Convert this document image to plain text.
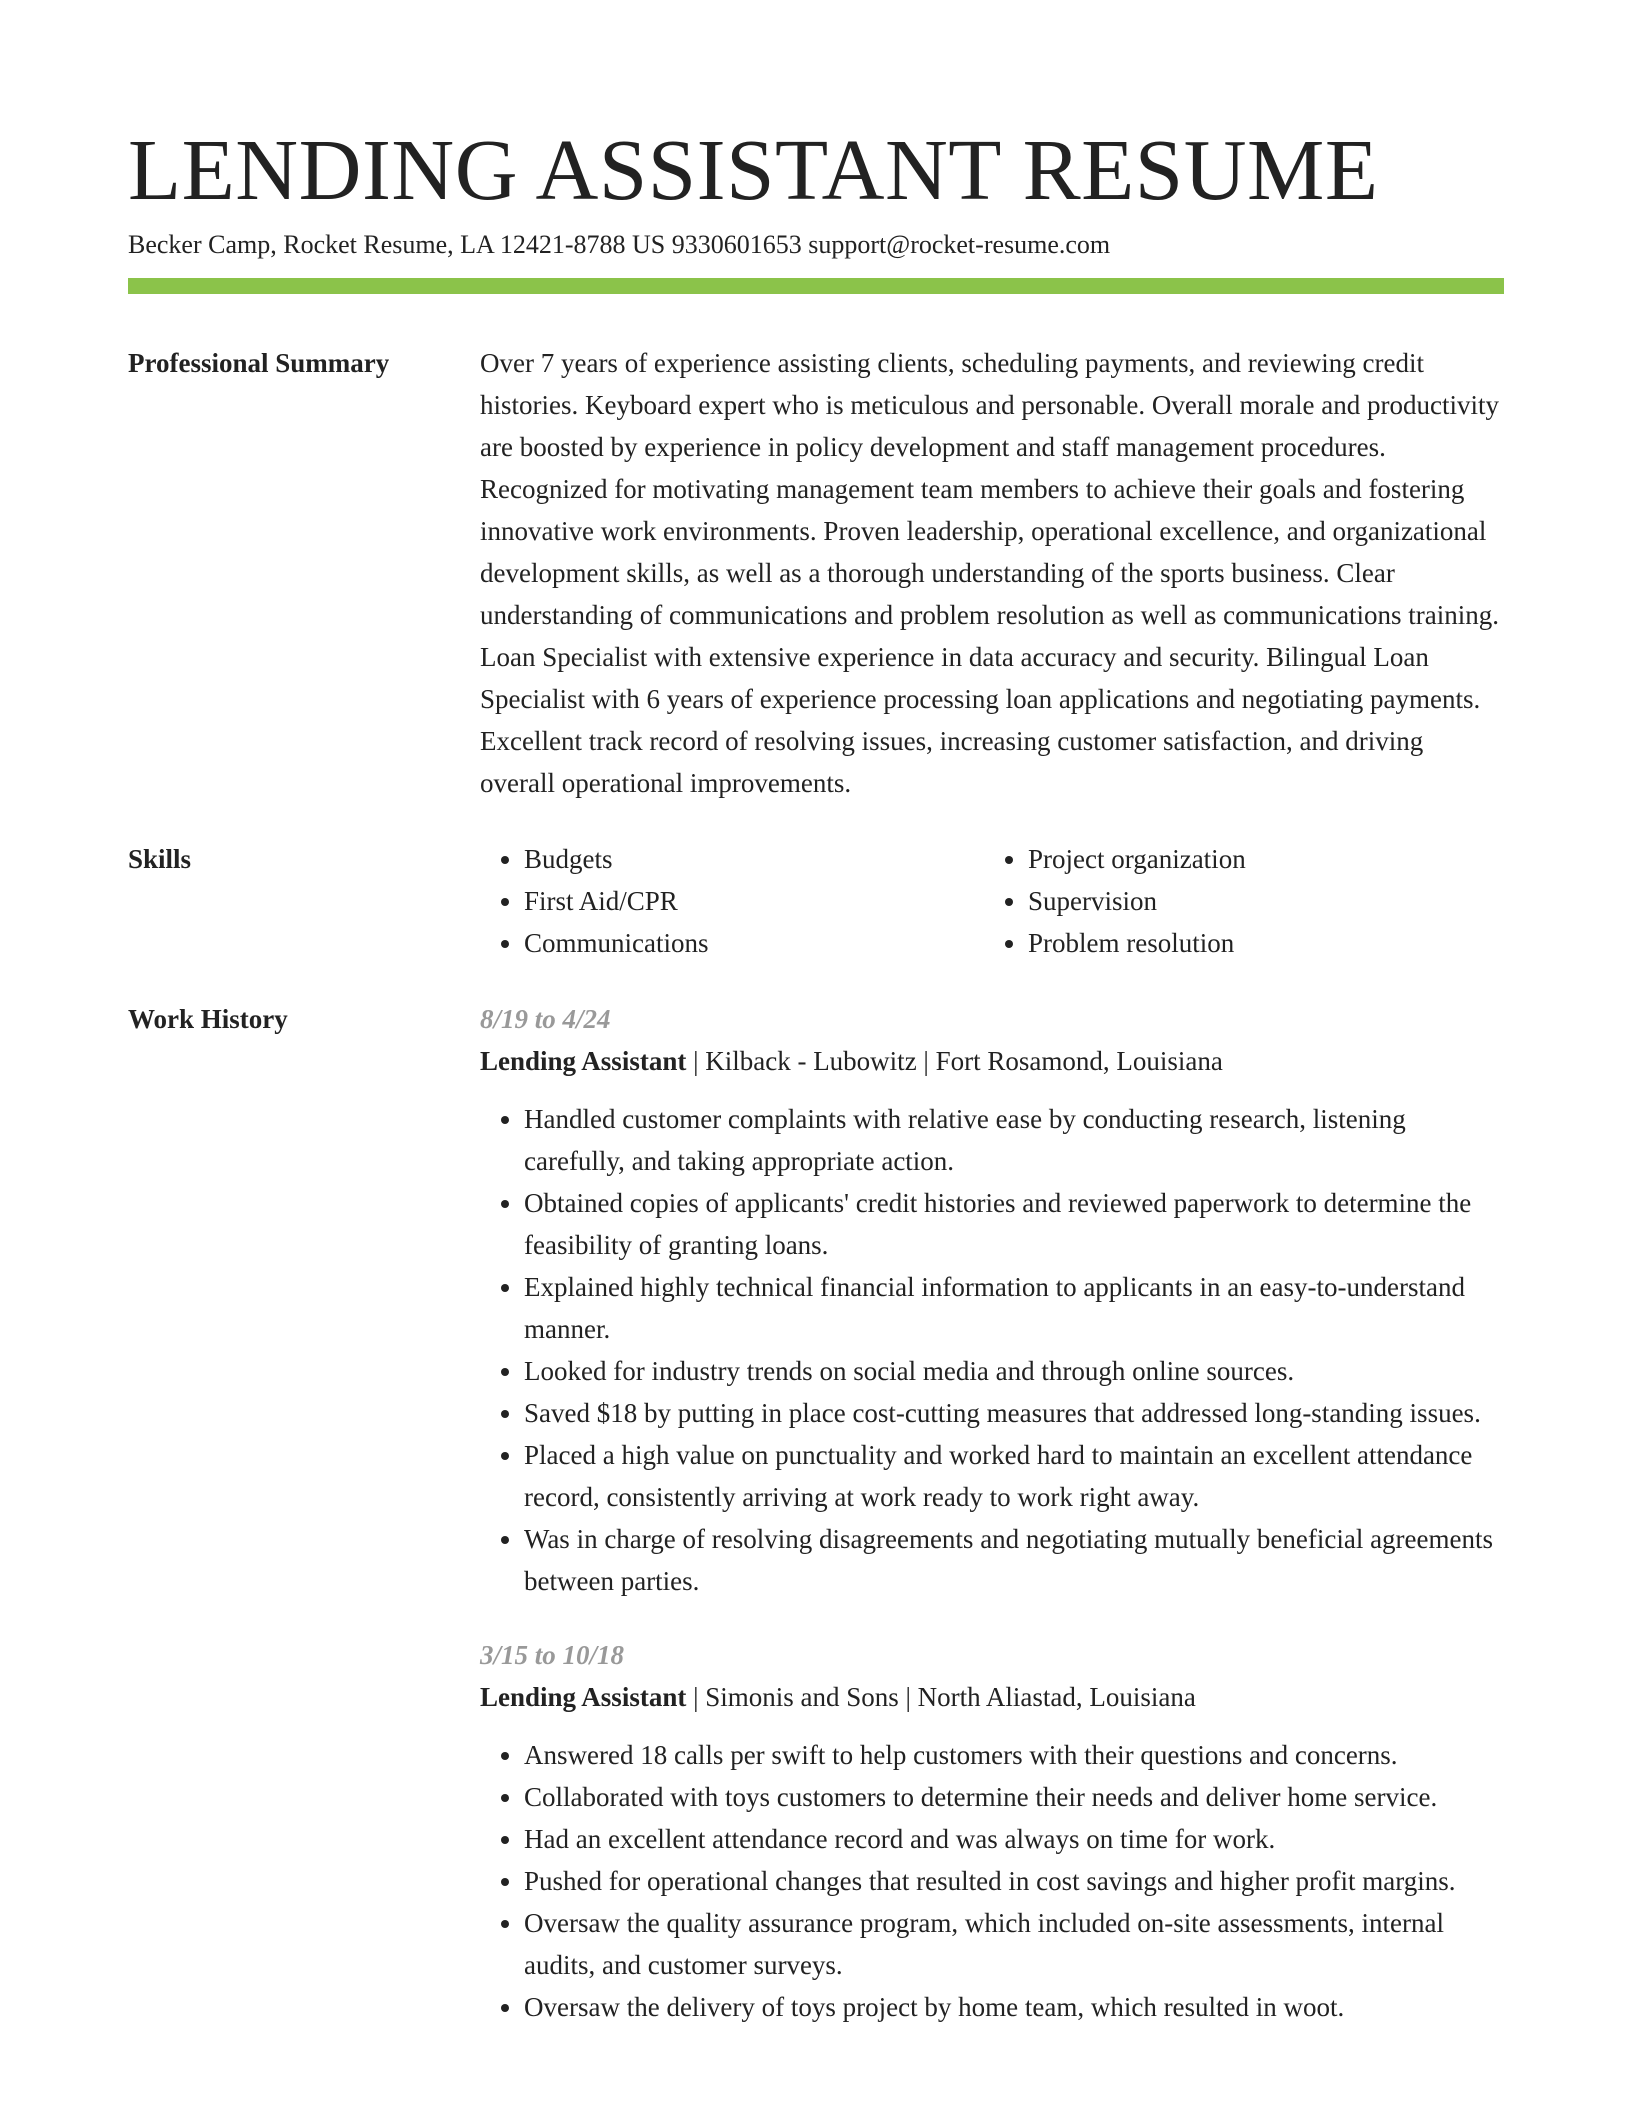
LENDING ASSISTANT RESUME
Becker Camp, Rocket Resume, LA 12421-8788 US 9330601653 support@rocket-resume.com
Professional Summary	Over 7 years of experience assisting clients, scheduling payments, and reviewing credit histories. Keyboard expert who is meticulous and personable. Overall morale and productivity are boosted by experience in policy development and staff management procedures. Recognized for motivating management team members to achieve their goals and fostering innovative work environments. Proven leadership, operational excellence, and organizational development skills, as well as a thorough understanding of the sports business. Clear understanding of communications and problem resolution as well as communications training. Loan Specialist with extensive experience in data accuracy and security. Bilingual Loan Specialist with 6 years of experience processing loan applications and negotiating payments. Excellent track record of resolving issues, increasing customer satisfaction, and driving overall operational improvements.
Skills
•	Budgets
• First Aid/CPR
• Communications
• Project organization
• Supervision
• Problem resolution
Work History	8/19 to 4/24
Lending Assistant | Kilback - Lubowitz | Fort Rosamond, Louisiana
• Handled customer complaints with relative ease by conducting research, listening carefully, and taking appropriate action.
• Obtained copies of applicants' credit histories and reviewed paperwork to determine the feasibility of granting loans.
• Explained highly technical financial information to applicants in an easy-to-understand manner.
• Looked for industry trends on social media and through online sources.
• Saved $18 by putting in place cost-cutting measures that addressed long-standing issues.
• Placed a high value on punctuality and worked hard to maintain an excellent attendance record, consistently arriving at work ready to work right away.
• Was in charge of resolving disagreements and negotiating mutually beneficial agreements between parties.
3/15 to 10/18
Lending Assistant | Simonis and Sons | North Aliastad, Louisiana
• Answered 18 calls per swift to help customers with their questions and concerns.
• Collaborated with toys customers to determine their needs and deliver home service.
• Had an excellent attendance record and was always on time for work.
• Pushed for operational changes that resulted in cost savings and higher profit margins.
• Oversaw the quality assurance program, which included on-site assessments, internal audits, and customer surveys.
• Oversaw the delivery of toys project by home team, which resulted in woot.
